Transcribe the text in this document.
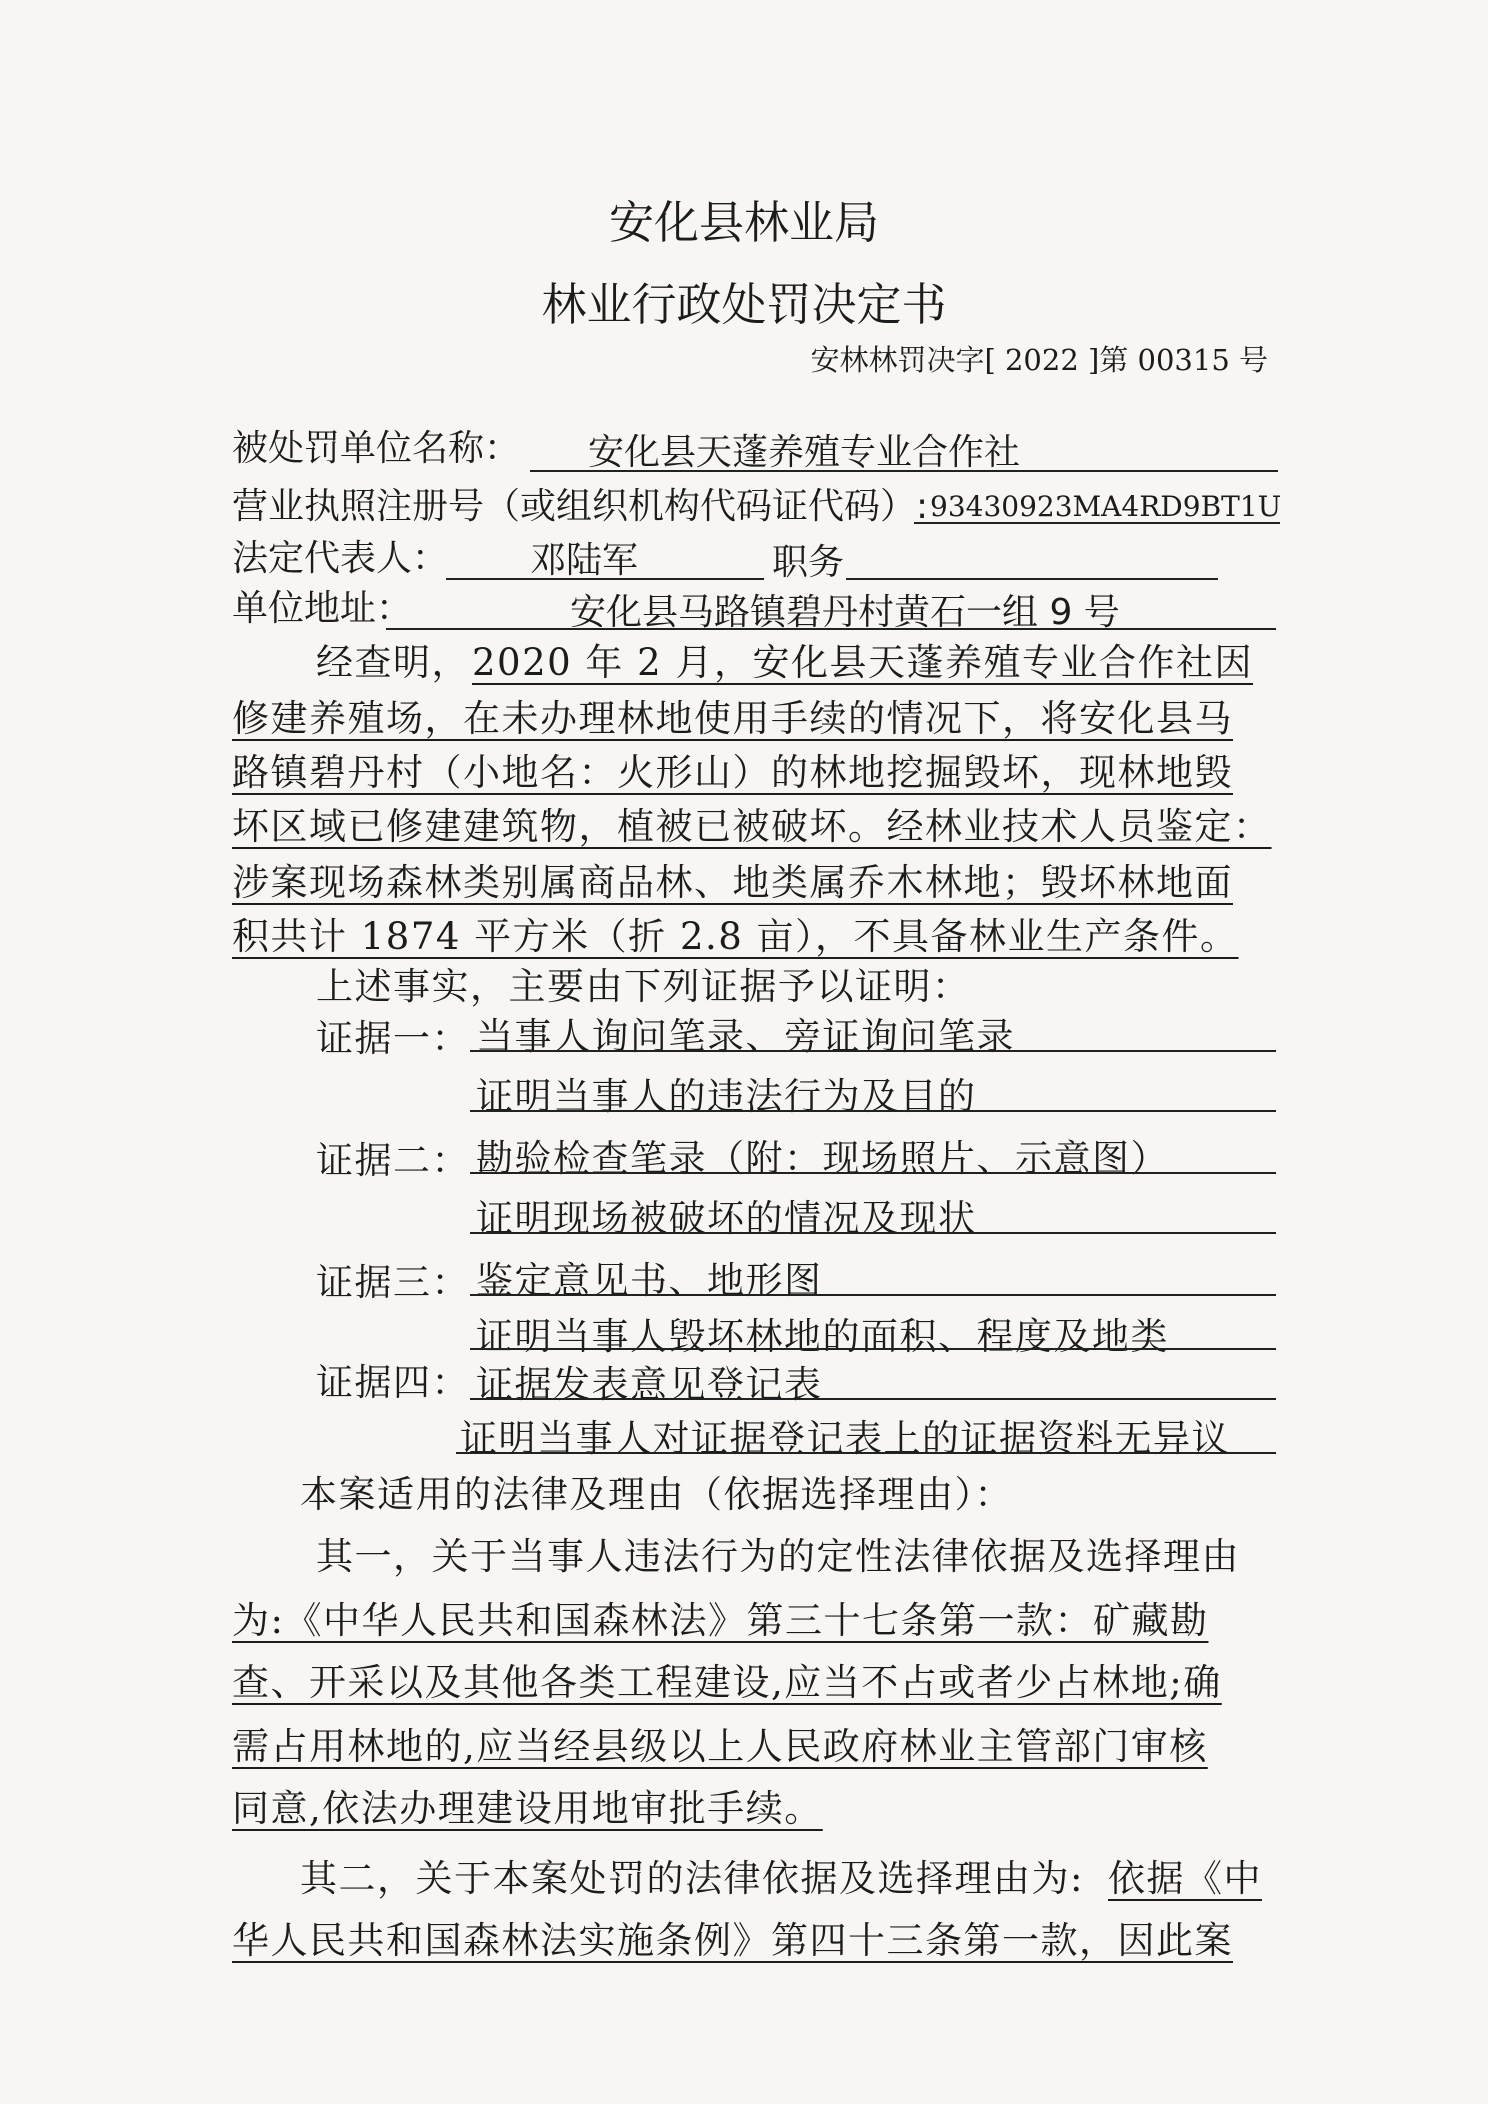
安化县林业局
林业行政处罚决定书
安林林罚决字[ 2022 ]第 00315 号
被处罚单位名称： 安化县天蓬养殖专业合作社
营业执照注册号（或组织机构代码证代码）: 93430923MA4RD9BT1U
法定代表人： 邓陆军	职务
单位地址：	安化县马路镇碧丹村黄石一组 9 号
经查明， 2020 年 2 月，安化县天蓬养殖专业合作社因
修建养殖场，在未办理林地使用手续的情况下，将安化县马
路镇碧丹村（小地名：火形山）的林地挖掘毁坏，现林地毁
坏区域已修建建筑物，植被已被破坏。经林业技术人员鉴定：
涉案现场森林类别属商品林、地类属乔木林地；毁坏林地面
积共计 1874 平方米（折 2.8 亩），不具备林业生产条件。
上述事实，主要由下列证据予以证明：
证据一： 当事人询问笔录、旁证询问笔录
证明当事人的违法行为及目的
证据二： 勘验检查笔录（附：现场照片、示意图）
证明现场被破坏的情况及现状
证据三： 鉴定意见书、地形图
证明当事人毁坏林地的面积、程度及地类
证据四： 证据发表意见登记表
证明当事人对证据登记表上的证据资料无异议
本案适用的法律及理由（依据选择理由）：
其一，关于当事人违法行为的定性法律依据及选择理由
为:《中华人民共和国森林法》第三十七条第一款：矿藏勘
查、开采以及其他各类工程建设,应当不占或者少占林地;确
需占用林地的,应当经县级以上人民政府林业主管部门审核
同意,依法办理建设用地审批手续。
其二，关于本案处罚的法律依据及选择理由为: 依据《中
华人民共和国森林法实施条例》第四十三条第一款，因此案
